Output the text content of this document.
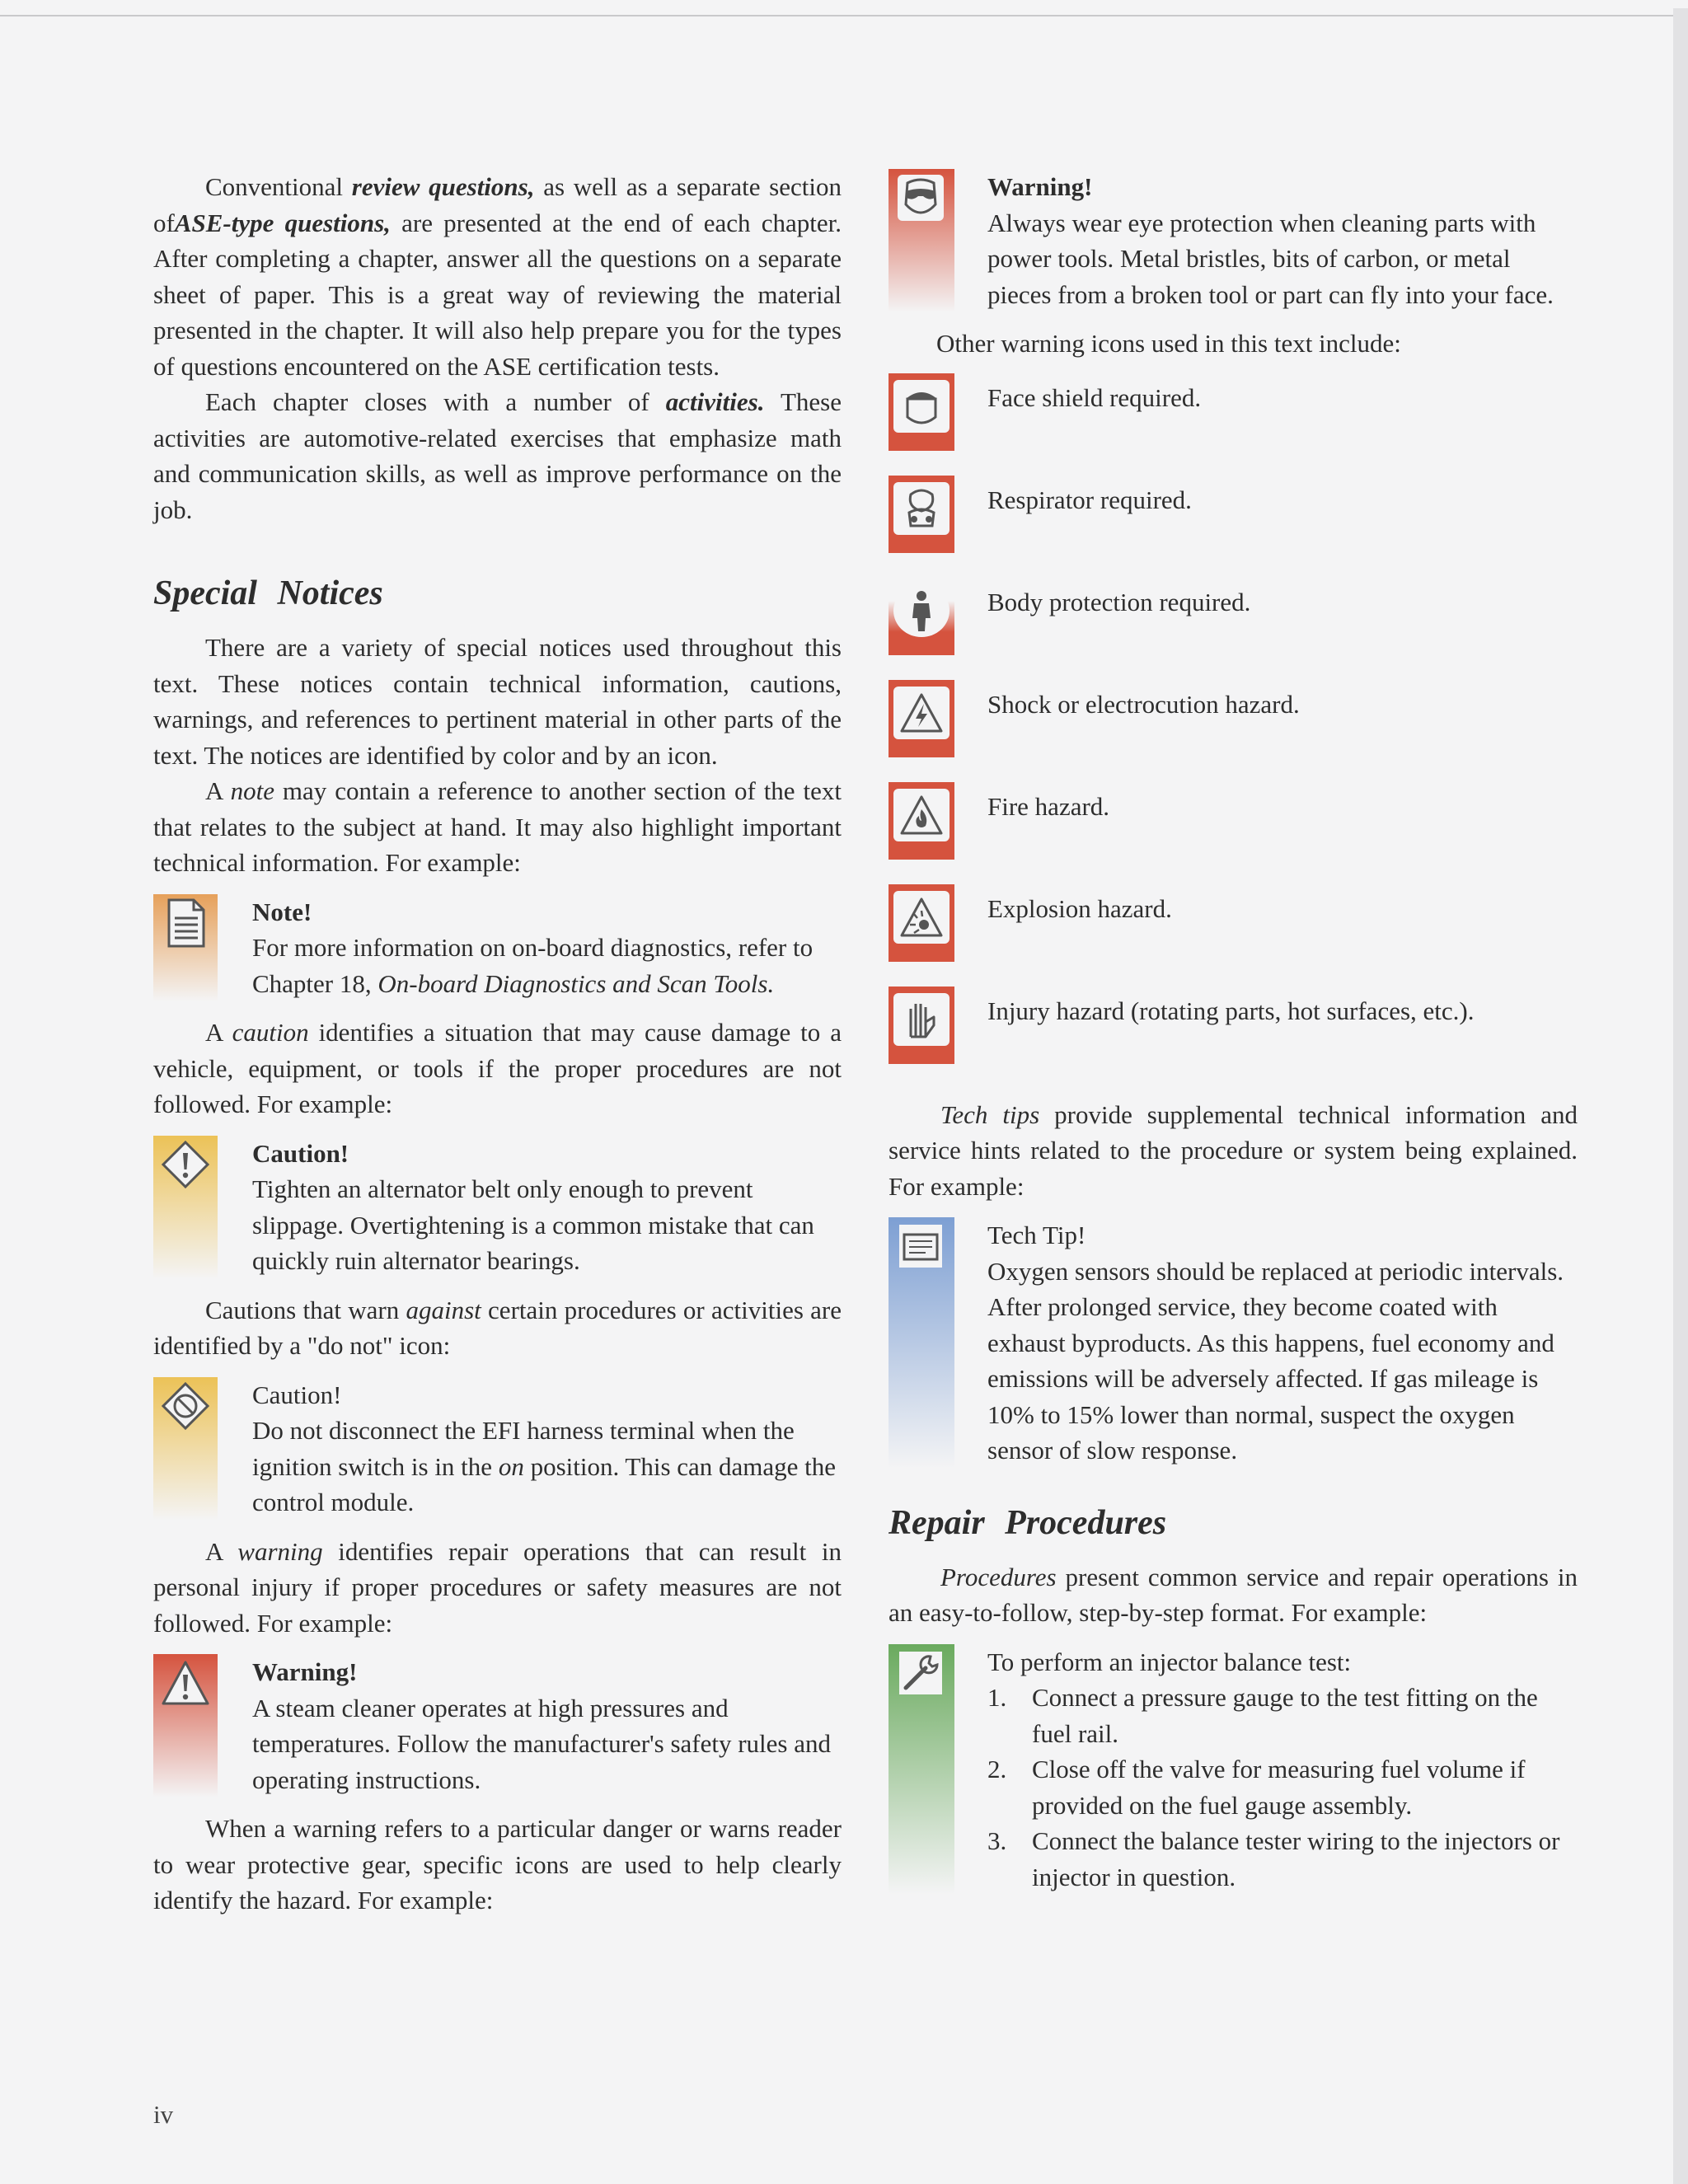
Conventional review questions, as well as a separate section ofASE-type questions, are presented at the end of each chapter. After completing a chapter, answer all the questions on a separate sheet of paper. This is a great way of reviewing the material presented in the chapter. It will also help prepare you for the types of questions encountered on the ASE certification tests.

Each chapter closes with a number of activities. These activities are automotive-related exercises that emphasize math and communication skills, as well as improve performance on the job.

Special Notices

There are a variety of special notices used throughout this text. These notices contain technical information, cautions, warnings, and references to pertinent material in other parts of the text. The notices are identified by color and by an icon.

A note may contain a reference to another section of the text that relates to the subject at hand. It may also highlight important technical information. For example:

Note!

For more information on on-board diagnostics, refer to Chapter 18, On-board Diagnostics and Scan Tools.

A caution identifies a situation that may cause damage to a vehicle, equipment, or tools if the proper procedures are not followed. For example:

Caution!

Tighten an alternator belt only enough to prevent slippage. Overtightening is a common mistake that can quickly ruin alternator bearings.

Cautions that warn against certain procedures or activities are identified by a "do not" icon:

Caution!

Do not disconnect the EFI harness terminal when the ignition switch is in the on position. This can damage the control module.

A warning identifies repair operations that can result in personal injury if proper procedures or safety measures are not followed. For example:

Warning!

A steam cleaner operates at high pressures and temperatures. Follow the manufacturer's safety rules and operating instructions.

When a warning refers to a particular danger or warns reader to wear protective gear, specific icons are used to help clearly identify the hazard. For example:

Warning!

Always wear eye protection when cleaning parts with power tools. Metal bristles, bits of carbon, or metal pieces from a broken tool or part can fly into your face.

Other warning icons used in this text include:

Face shield required.
Respirator required.
Body protection required.
Shock or electrocution hazard.
Fire hazard.
Explosion hazard.
Injury hazard (rotating parts, hot surfaces, etc.).

Tech tips provide supplemental technical information and service hints related to the procedure or system being explained. For example:

Tech Tip!

Oxygen sensors should be replaced at periodic intervals. After prolonged service, they become coated with exhaust byproducts. As this happens, fuel economy and emissions will be adversely affected. If gas mileage is 10% to 15% lower than normal, suspect the oxygen sensor of slow response.

Repair Procedures

Procedures present common service and repair operations in an easy-to-follow, step-by-step format. For example:

To perform an injector balance test:

1. Connect a pressure gauge to the test fitting on the fuel rail.
2. Close off the valve for measuring fuel volume if provided on the fuel gauge assembly.
3. Connect the balance tester wiring to the injectors or injector in question.
iv
